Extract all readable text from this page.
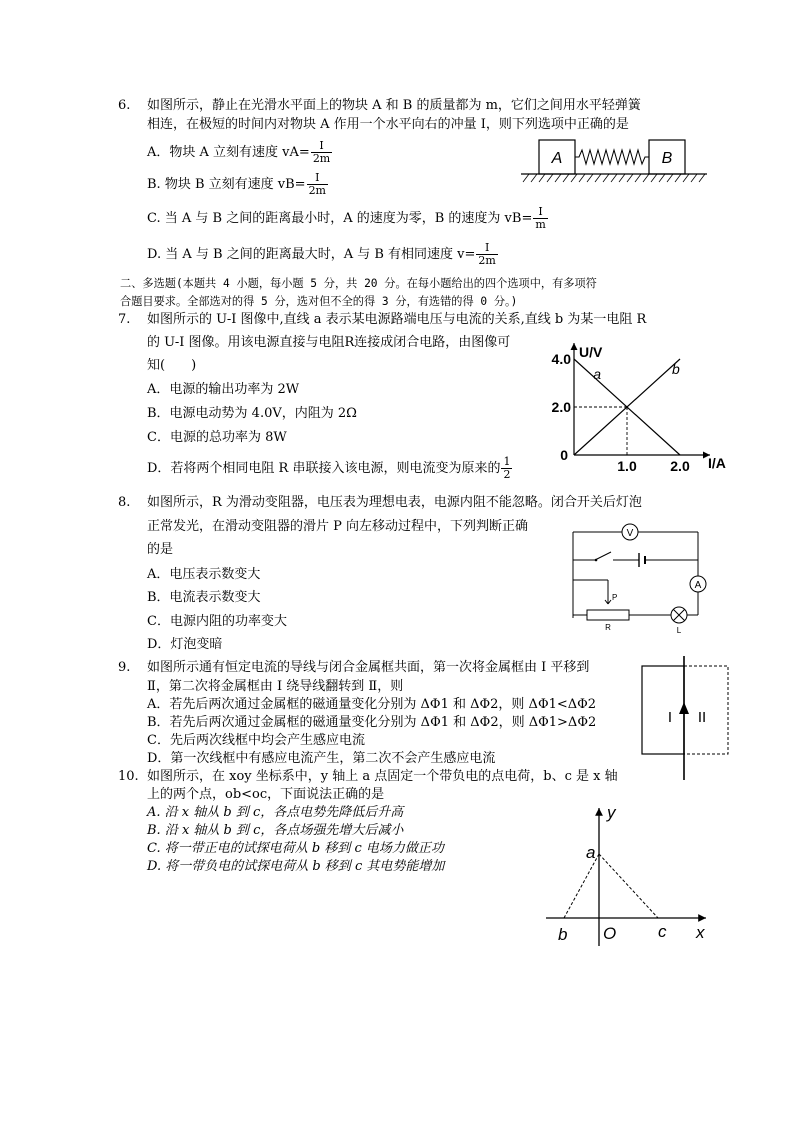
6. 如图所示，静止在光滑水平面上的物块 A 和 B 的质量都为 m，它们之间用水平轻弹簧
相连，在极短的时间内对物块 A 作用一个水平向右的冲量 I，则下列选项中正确的是
A．物块 A 立刻有速度 $vA= \frac{I}{2m}$
B. 物块 B 立刻有速度 $vB= \frac{I}{2m}$
C. 当 A 与 B 之间的距离最小时，A 的速度为零，B 的速度为 $vB= \frac{I}{m}$
D. 当 A 与 B 之间的距离最大时，A 与 B 有相同速度 $v= \frac{I}{2m}$
A	B
二、多选题(本题共 4 小题，每小题 5 分，共 20 分。在每小题给出的四个选项中，有多项符
合题目要求。全部选对的得 5 分，选对但不全的得 3 分，有选错的得 0 分。)
7. 如图所示的 U-I 图像中,直线 a 表示某电源路端电压与电流的关系,直线 b 为某一电阻 R
的 U-I 图像。用该电源直接与电阻R连接成闭合电路，由图像可
知(　　)
A．电源的输出功率为 2W
B．电源电动势为 4.0V，内阻为 2Ω
C．电源的总功率为 8W
D．若将两个相同电阻 R 串联接入该电源，则电流变为原来的 $\frac{1}{2}$
U/V
I/A
4.0
2.0
1.0 2.0
0
a	b
8. 如图所示，R 为滑动变阻器，电压表为理想电表，电源内阻不能忽略。闭合开关后灯泡
正常发光，在滑动变阻器的滑片 P 向左移动过程中，下列判断正确
的是
A．电压表示数变大
B．电流表示数变大
C．电源内阻的功率变大
D．灯泡变暗
V
A
P
R	L
9. 如图所示通有恒定电流的导线与闭合金属框共面，第一次将金属框由 Ⅰ 平移到
Ⅱ，第二次将金属框由 Ⅰ 绕导线翻转到 Ⅱ，则
A．若先后两次通过金属框的磁通量变化分别为 ΔΦ1 和 ΔΦ2，则 ΔΦ1<ΔΦ2
B．若先后两次通过金属框的磁通量变化分别为 ΔΦ1 和 ΔΦ2，则 ΔΦ1>ΔΦ2
C．先后两次线框中均会产生感应电流
D．第一次线框中有感应电流产生，第二次不会产生感应电流
I II
10. 如图所示，在 xoy 坐标系中，y 轴上 a 点固定一个带负电的点电荷，b、c 是 x 轴
上的两个点，ob<oc，下面说法正确的是
A. 沿 x 轴从 b 到 c，各点电势先降低后升高
B. 沿 x 轴从 b 到 c，各点场强先增大后减小
C. 将一带正电的试探电荷从 b 移到 c 电场力做正功
D. 将一带负电的试探电荷从 b 移到 c 其电势能增加
y
x
O
a
b	c
